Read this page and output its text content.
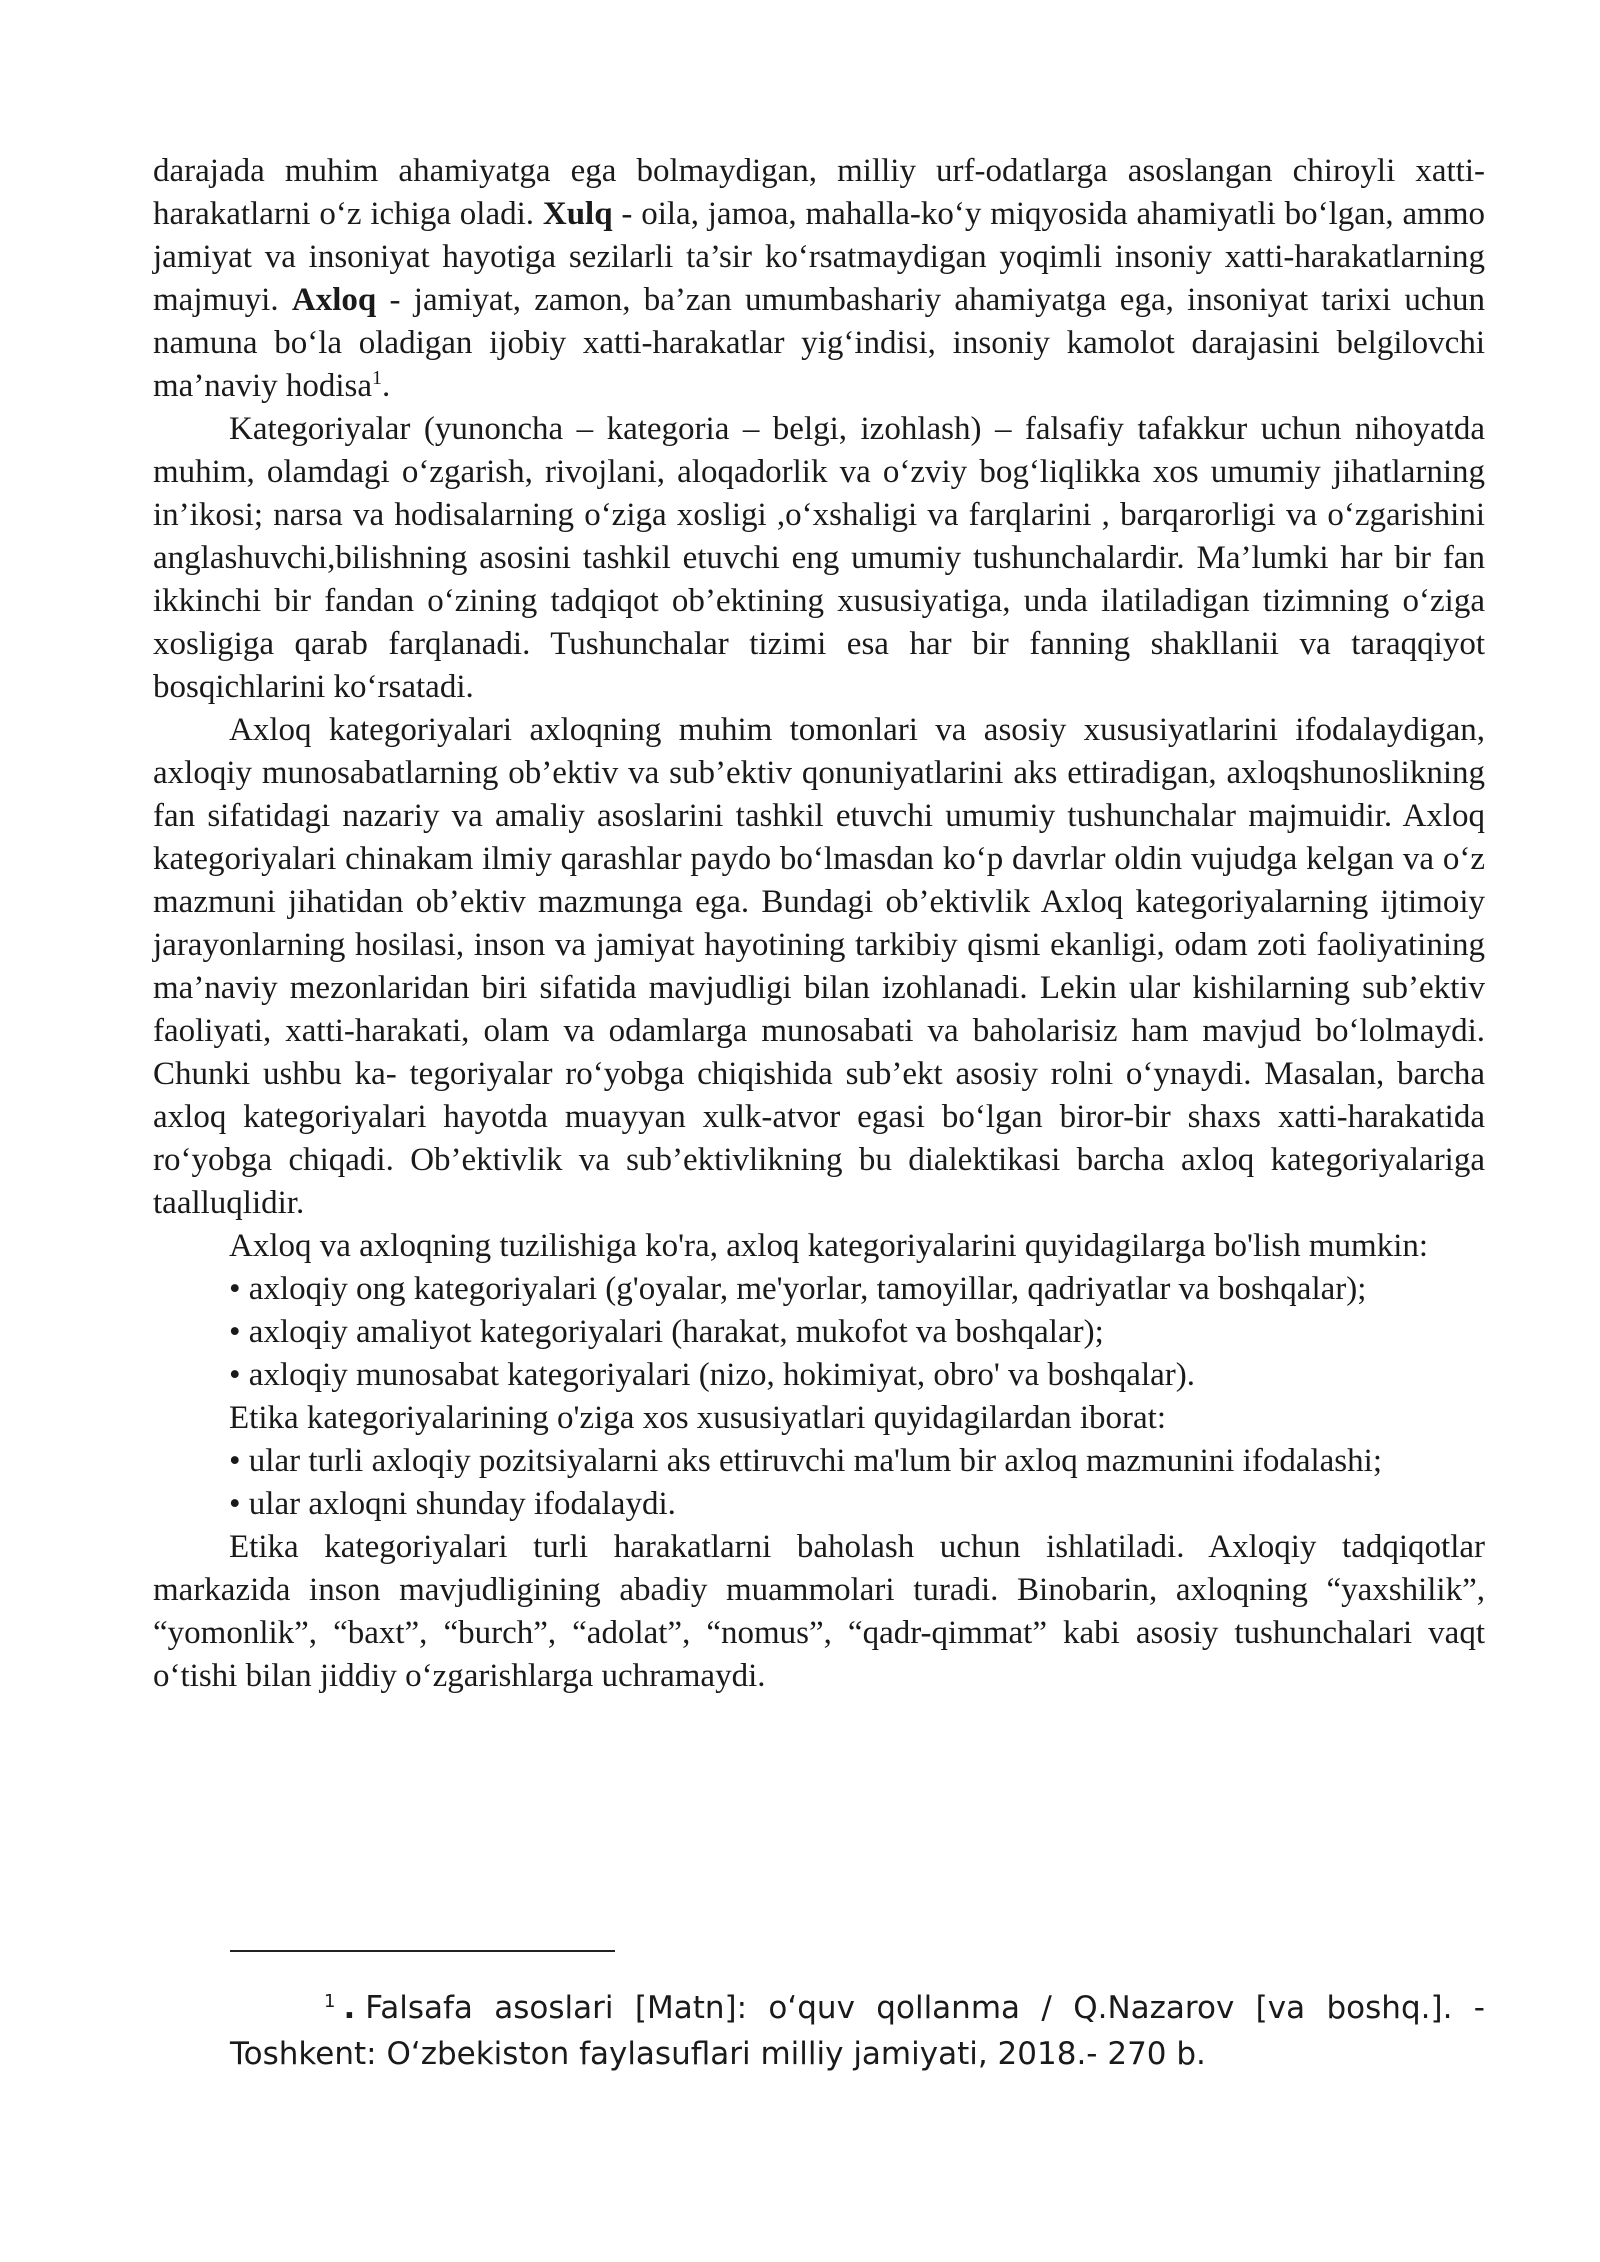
darajada muhim ahamiyatga ega bolmaydigan, milliy urf-odatlarga asoslangan chiroyli xatti-harakatlarni o‘z ichiga oladi. Xulq - oila, jamoa, mahalla-ko‘y miqyosida ahamiyatli bo‘lgan, ammo jamiyat va insoniyat hayotiga sezilarli ta’sir ko‘rsatmaydigan yoqimli insoniy xatti-harakatlarning majmuyi. Axloq - jamiyat, zamon, ba’zan umumbashariy ahamiyatga ega, insoniyat tarixi uchun namuna bo‘la oladigan ijobiy xatti-harakatlar yig‘indisi, insoniy kamolot darajasini belgilovchi ma’naviy hodisa$^1$.

Kategoriyalar (yunoncha – kategoria – belgi, izohlash) – falsafiy tafakkur uchun nihoyatda muhim, olamdagi o‘zgarish, rivojlani, aloqadorlik va o‘zviy bog‘liqlikka xos umumiy jihatlarning in’ikosi; narsa va hodisalarning o‘ziga xosligi ,o‘xshaligi va farqlarini , barqarorligi va o‘zgarishini anglashuvchi,bilishning asosini tashkil etuvchi eng umumiy tushunchalardir. Ma’lumki har bir fan ikkinchi bir fandan o‘zining tadqiqot ob’ektining xususiyatiga, unda ilatiladigan tizimning o‘ziga xosligiga qarab farqlanadi. Tushunchalar tizimi esa har bir fanning shakllanii va taraqqiyot bosqichlarini ko‘rsatadi.

Axloq kategoriyalari axloqning muhim tomonlari va asosiy xususiyatlarini ifodalaydigan, axloqiy munosabatlarning ob’ektiv va sub’ektiv qonuniyatlarini aks ettiradigan, axloqshunoslikning fan sifatidagi nazariy va amaliy asoslarini tashkil etuvchi umumiy tushunchalar majmuidir. Axloq kategoriyalari chinakam ilmiy qarashlar paydo bo‘lmasdan ko‘p davrlar oldin vujudga kelgan va o‘z mazmuni jihatidan ob’ektiv mazmunga ega. Bundagi ob’ektivlik Axloq kategoriyalarning ijtimoiy jarayonlarning hosilasi, inson va jamiyat hayotining tarkibiy qismi ekanligi, odam zoti faoliyatining ma’naviy mezonlaridan biri sifatida mavjudligi bilan izohlanadi. Lekin ular kishilarning sub’ektiv faoliyati, xatti-harakati, olam va odamlarga munosabati va baholarisiz ham mavjud bo‘lolmaydi. Chunki ushbu ka- tegoriyalar ro‘yobga chiqishida sub’ekt asosiy rolni o‘ynaydi. Masalan, barcha axloq kategoriyalari hayotda muayyan xulk-atvor egasi bo‘lgan biror-bir shaxs xatti-harakatida ro‘yobga chiqadi. Ob’ektivlik va sub’ektivlikning bu dialektikasi barcha axloq kategoriyalariga taalluqlidir.

Axloq va axloqning tuzilishiga ko'ra, axloq kategoriyalarini quyidagilarga bo'lish mumkin:

• axloqiy ong kategoriyalari (g'oyalar, me'yorlar, tamoyillar, qadriyatlar va boshqalar);

• axloqiy amaliyot kategoriyalari (harakat, mukofot va boshqalar);

• axloqiy munosabat kategoriyalari (nizo, hokimiyat, obro' va boshqalar).

Etika kategoriyalarining o'ziga xos xususiyatlari quyidagilardan iborat:

• ular turli axloqiy pozitsiyalarni aks ettiruvchi ma'lum bir axloq mazmunini ifodalashi;

• ular axloqni shunday ifodalaydi.

Etika kategoriyalari turli harakatlarni baholash uchun ishlatiladi. Axloqiy tadqiqotlar markazida inson mavjudligining abadiy muammolari turadi. Binobarin, axloqning “yaxshilik”, “yomonlik”, “baxt”, “burch”, “adolat”, “nomus”, “qadr-qimmat” kabi asosiy tushunchalari vaqt o‘tishi bilan jiddiy o‘zgarishlarga uchramaydi.

$^1$ . Falsafa asoslari [Matn]: o‘quv qollanma / Q.Nazarov [va boshq.]. - Toshkent: O‘zbekiston faylasuflari milliy jamiyati, 2018.- 270 b.
